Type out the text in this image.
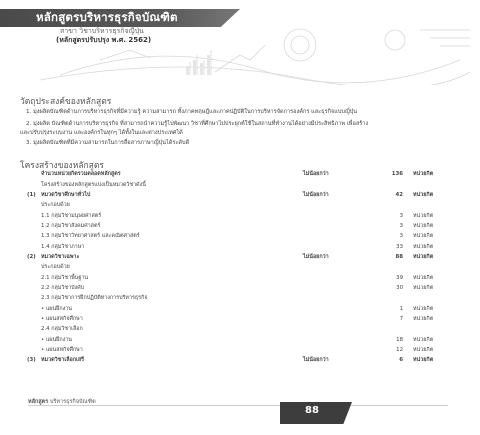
หลักสูตรบริหารธุรกิจบัณฑิต
สาขา วิชาบริหารธุรกิจญี่ปุ่น
(หลักสูตรปรับปรุง พ.ศ. 2562)
วัตถุประสงค์ของหลักสูตร
1. มุ่งผลิตบัณฑิตด้านการบริหารธุรกิจที่มีความรู้ ความสามารถ ทั้งภาคทฤษฎีและภาคปฏิบัติในการบริหารจัดการองค์กร และธุรกิจแบบญี่ปุ่น
2. มุ่งผลิต บัณฑิตด้านการบริหารธุรกิจ ที่สามารถนำความรู้ไปพัฒนา วิชาที่ศึกษาไปประยุกต์ใช้ในสถานที่ทำงานได้อย่างมีประสิทธิภาพ เพื่อสร้าง
และปรับปรุงระบบงาน และองค์กรในทุกๆ ได้ทั้งในและต่างประเทศได้
3. มุ่งผลิตบัณฑิตที่มีความสามารถในการสื่อสารภาษาญี่ปุ่นได้ระดับดี
โครงสร้างของหลักสูตร
	จำนวนหน่วยกิตรวมตลอดหลักสูตร	ไม่น้อยกว่า	136	หน่วยกิต
	โครงสร้างของหลักสูตรแบ่งเป็นหมวดวิชาดังนี้			
(1)	หมวดวิชาศึกษาทั่วไป	ไม่น้อยกว่า	42	หน่วยกิต
	ประกอบด้วย			
	1.1 กลุ่มวิชามนุษยศาสตร์		3	หน่วยกิต
	1.2 กลุ่มวิชาสังคมศาสตร์		3	หน่วยกิต
	1.3 กลุ่มวิชาวิทยาศาสตร์ และคณิตศาสตร์		3	หน่วยกิต
	1.4 กลุ่มวิชาภาษา		33	หน่วยกิต
(2)	หมวดวิชาเฉพาะ	ไม่น้อยกว่า	88	หน่วยกิต
	ประกอบด้วย			
	2.1 กลุ่มวิชาพื้นฐาน		39	หน่วยกิต
	2.2 กลุ่มวิชาบังคับ		30	หน่วยกิต
	2.3 กลุ่มวิชาการฝึกปฏิบัติทางการบริหารธุรกิจ			
	• แผนฝึกงาน		1	หน่วยกิต
	• แผนสหกิจศึกษา		7	หน่วยกิต
	2.4 กลุ่มวิชาเลือก			
	• แผนฝึกงาน		18	หน่วยกิต
	• แผนสหกิจศึกษา		12	หน่วยกิต
(3)	หมวดวิชาเลือกเสรี	ไม่น้อยกว่า	6	หน่วยกิต
หลักสูตร บริหารธุรกิจบัณฑิต
88
